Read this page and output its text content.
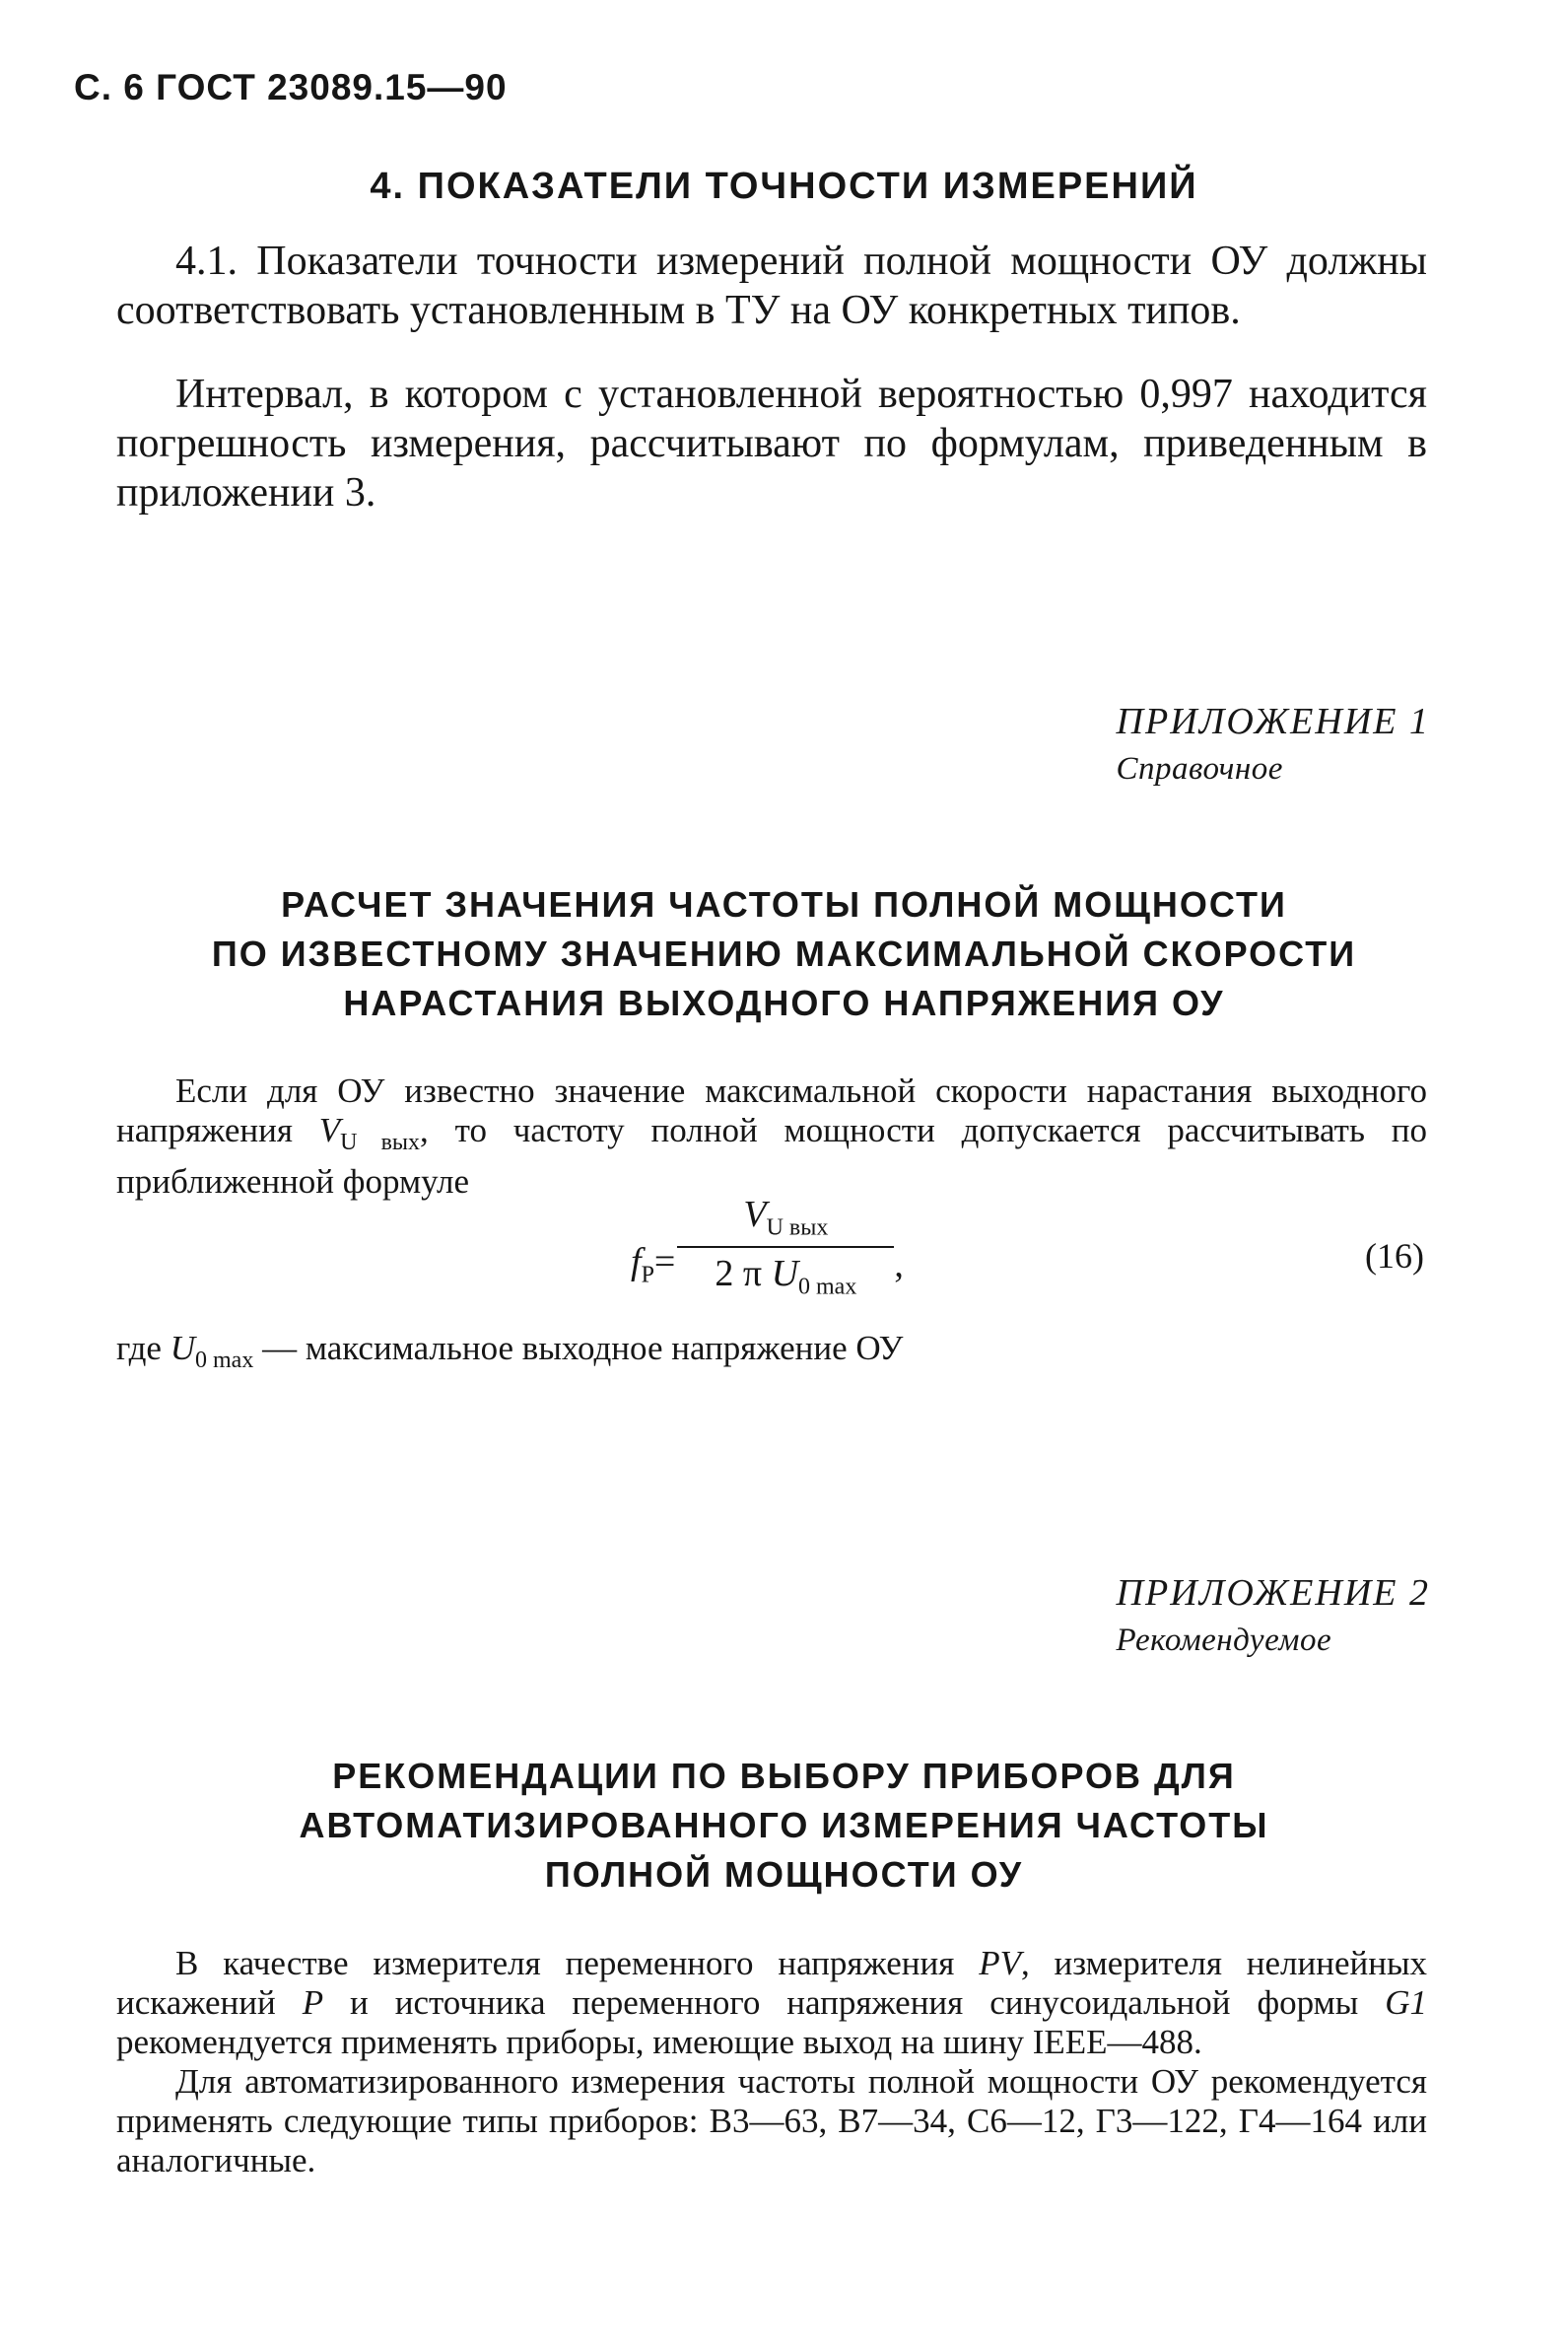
С. 6 ГОСТ 23089.15—90
4. ПОКАЗАТЕЛИ ТОЧНОСТИ ИЗМЕРЕНИЙ
4.1. Показатели точности измерений полной мощности ОУ должны соответствовать установленным в ТУ на ОУ конкретных типов.
Интервал, в котором с установленной вероятностью 0,997 находится погрешность измерения, рассчитывают по формулам, приведенным в приложении 3.
ПРИЛОЖЕНИЕ 1
Справочное
РАСЧЕТ ЗНАЧЕНИЯ ЧАСТОТЫ ПОЛНОЙ МОЩНОСТИ
ПО ИЗВЕСТНОМУ ЗНАЧЕНИЮ МАКСИМАЛЬНОЙ СКОРОСТИ
НАРАСТАНИЯ ВЫХОДНОГО НАПРЯЖЕНИЯ ОУ
Если для ОУ известно значение максимальной скорости нарастания выходного напряжения $V_{U вых}$, то частоту полной мощности допускается рассчитывать по приближенной формуле
$f_P=$
$V_{U вых}$
2 π $U_{0 max}$
,	(16)
где $U_{0 max}$ — максимальное выходное напряжение ОУ
ПРИЛОЖЕНИЕ 2
Рекомендуемое
РЕКОМЕНДАЦИИ ПО ВЫБОРУ ПРИБОРОВ ДЛЯ
АВТОМАТИЗИРОВАННОГО ИЗМЕРЕНИЯ ЧАСТОТЫ
ПОЛНОЙ МОЩНОСТИ ОУ
В качестве измерителя переменного напряжения PV, измерителя нелинейных искажений P и источника переменного напряжения синусоидальной формы G1 рекомендуется применять приборы, имеющие выход на шину IEEE—488.
Для автоматизированного измерения частоты полной мощности ОУ рекомендуется применять следующие типы приборов: В3—63, В7—34, С6—12, Г3—122, Г4—164 или аналогичные.
